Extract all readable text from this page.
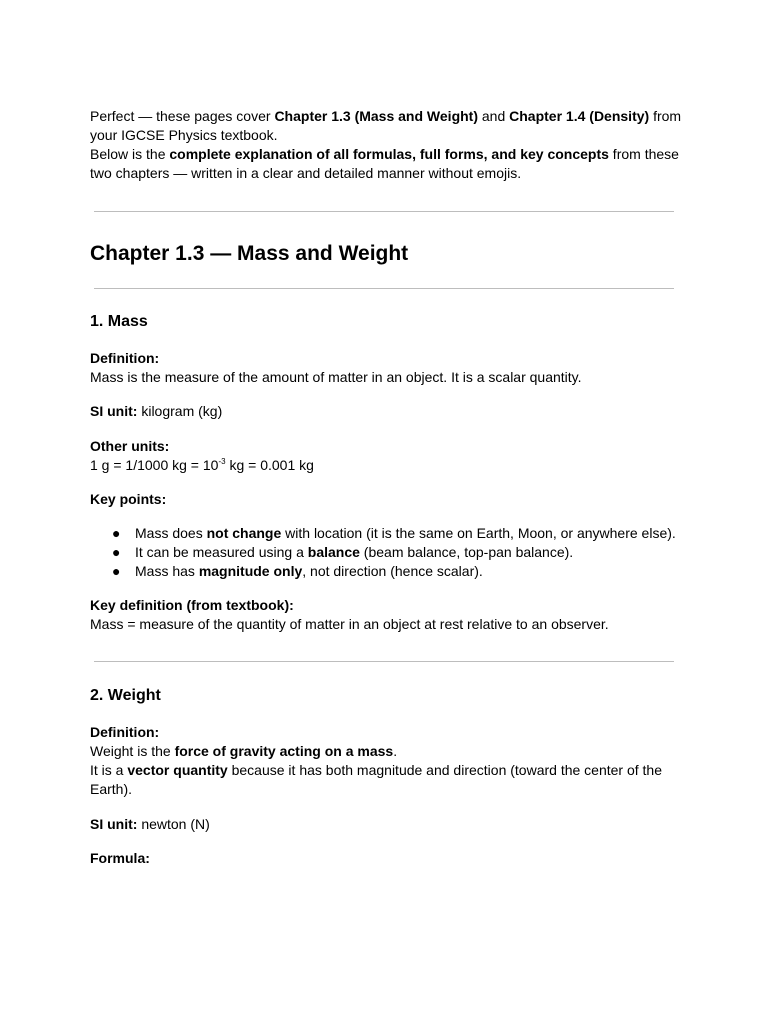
Perfect — these pages cover Chapter 1.3 (Mass and Weight) and Chapter 1.4 (Density) from
your IGCSE Physics textbook.
Below is the complete explanation of all formulas, full forms, and key concepts from these
two chapters — written in a clear and detailed manner without emojis.
Chapter 1.3 — Mass and Weight
1. Mass
Definition:
Mass is the measure of the amount of matter in an object. It is a scalar quantity.
SI unit: kilogram (kg)
Other units:
1 g = 1/1000 kg = $10^{-3}$ kg = 0.001 kg
Key points:
● Mass does not change with location (it is the same on Earth, Moon, or anywhere else).
● It can be measured using a balance (beam balance, top-pan balance).
● Mass has magnitude only, not direction (hence scalar).
Key definition (from textbook):
Mass = measure of the quantity of matter in an object at rest relative to an observer.
2. Weight
Definition:
Weight is the force of gravity acting on a mass.
It is a vector quantity because it has both magnitude and direction (toward the center of the
Earth).
SI unit: newton (N)
Formula:
